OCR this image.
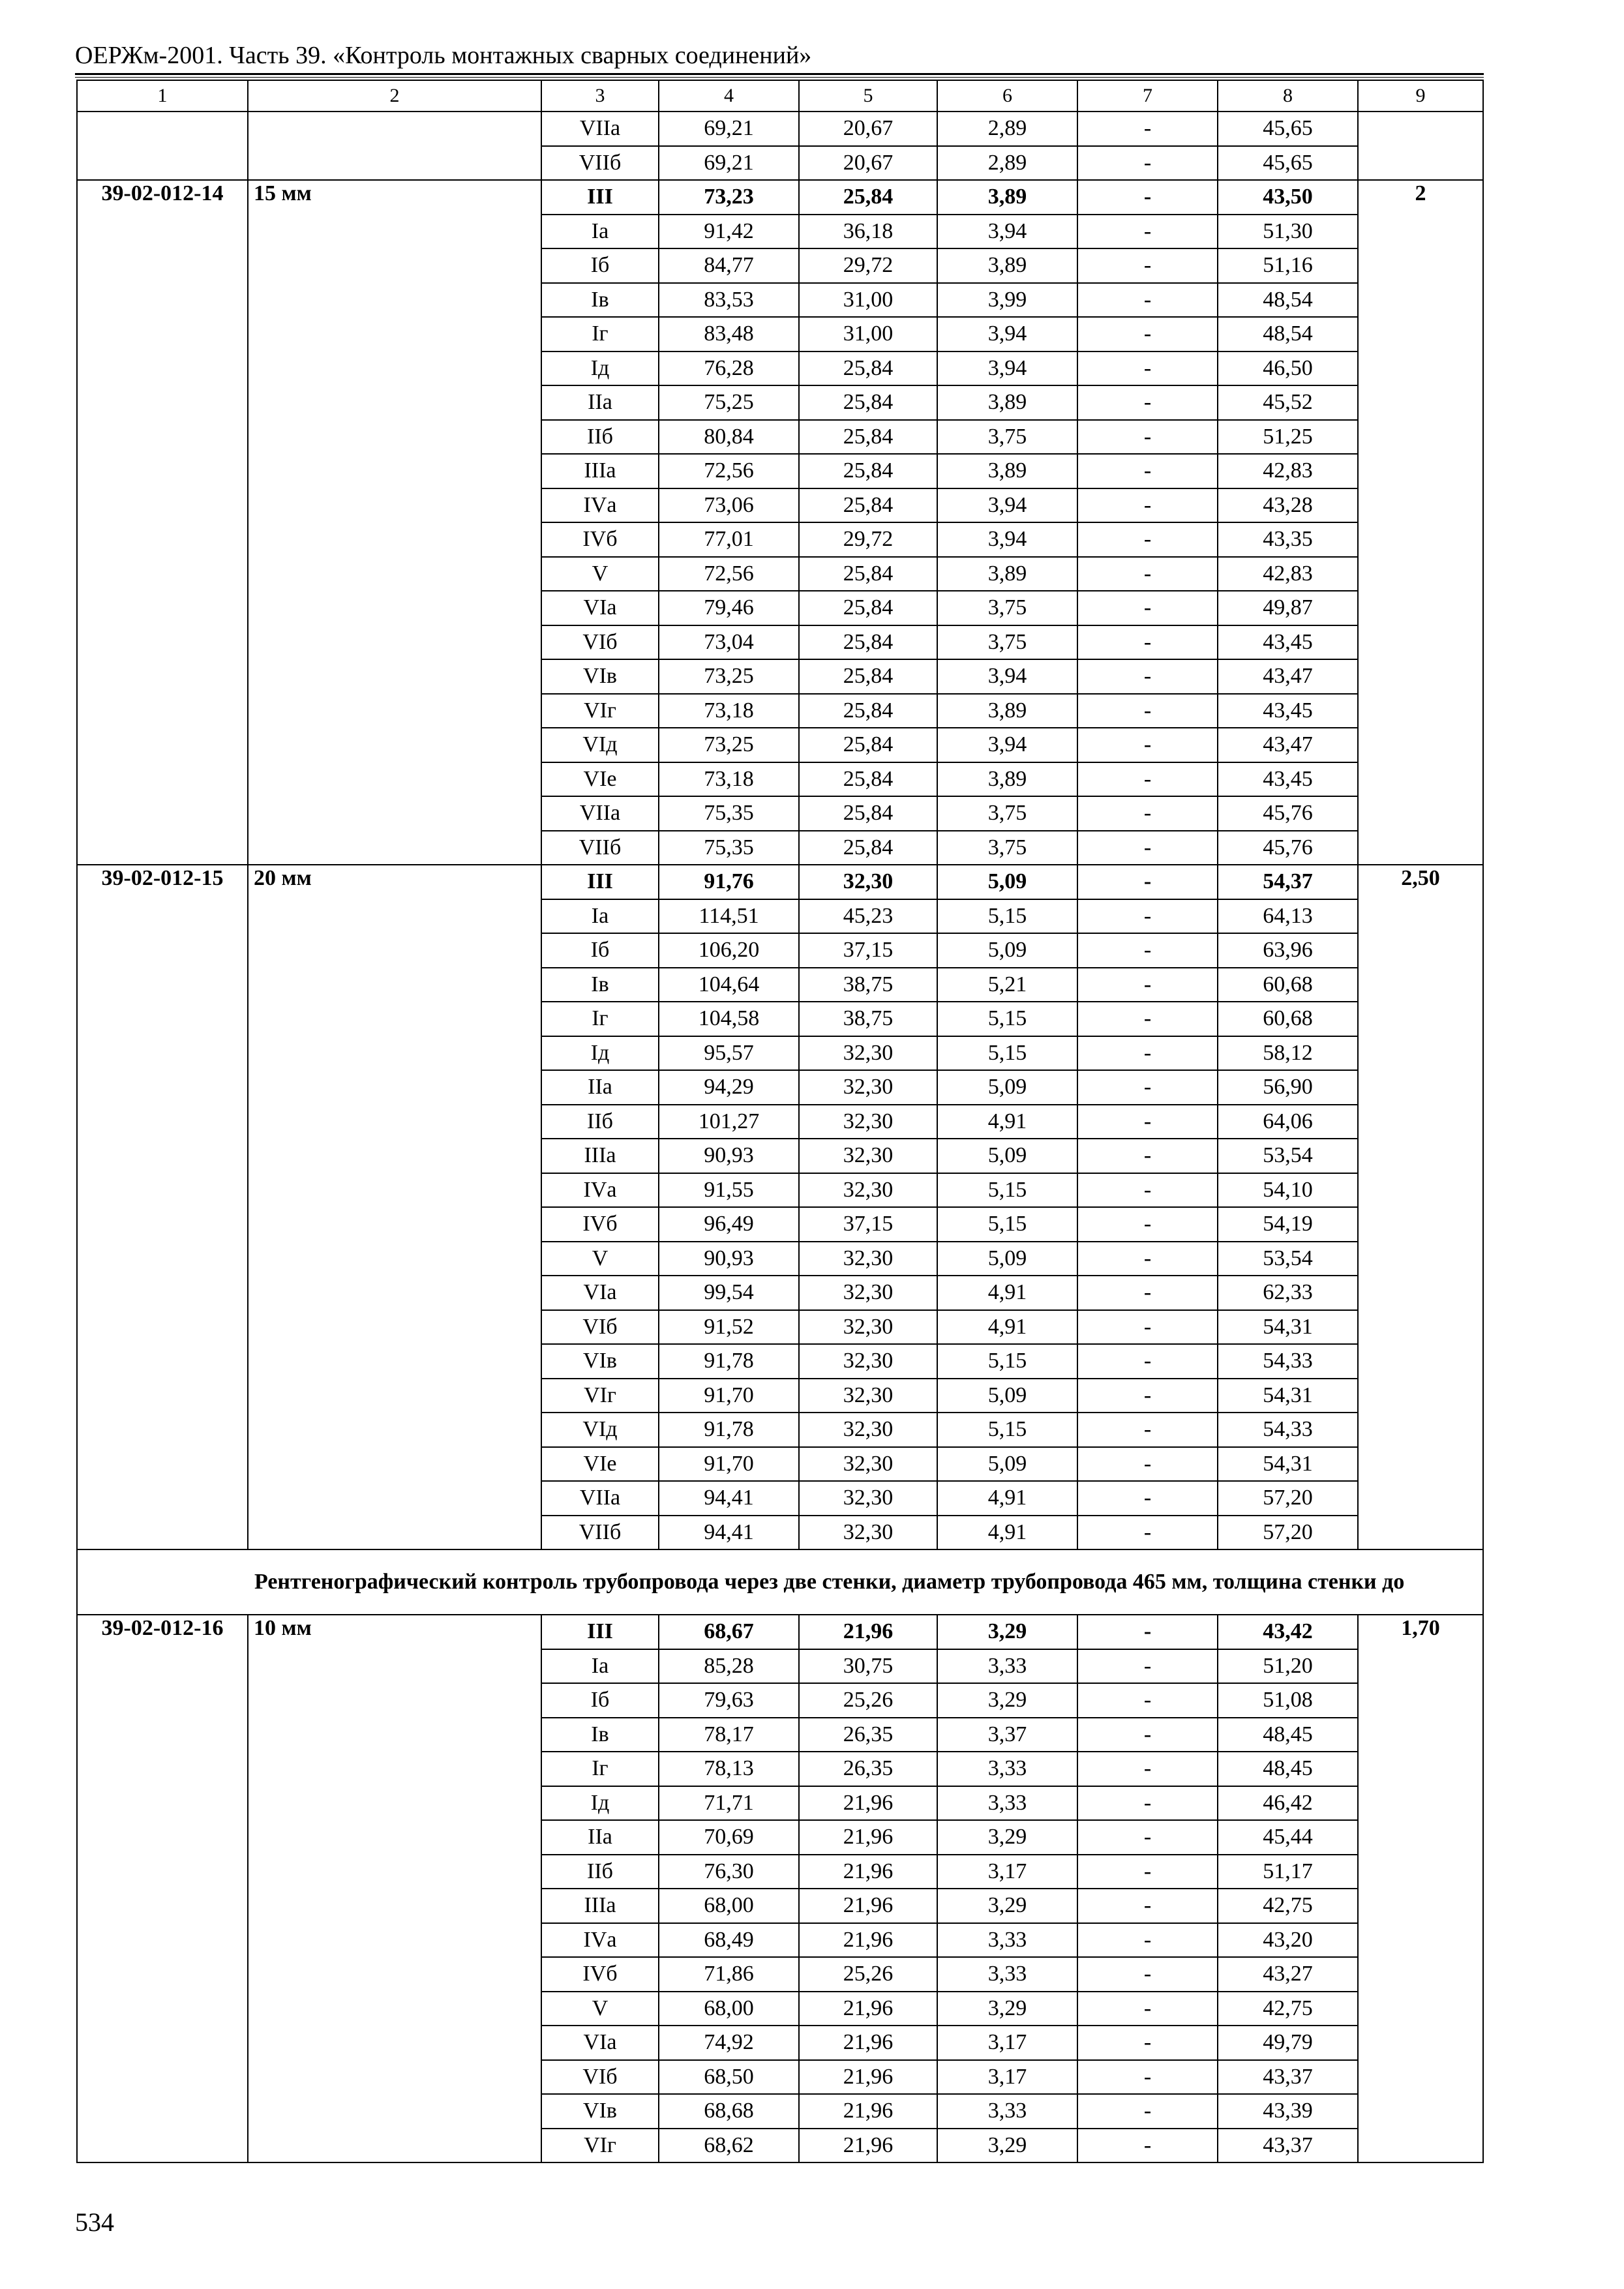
ОЕРЖм-2001. Часть 39. «Контроль монтажных сварных соединений»
1	2	3	4	5	6	7	8	9
		VIIа	69,21	20,67	2,89	-	45,65	
		VIIб	69,21	20,67	2,89	-	45,65	
39-02-012-14	15 мм	III	73,23	25,84	3,89	-	43,50	2
		Iа	91,42	36,18	3,94	-	51,30	
		Iб	84,77	29,72	3,89	-	51,16	
		Iв	83,53	31,00	3,99	-	48,54	
		Iг	83,48	31,00	3,94	-	48,54	
		Iд	76,28	25,84	3,94	-	46,50	
		IIа	75,25	25,84	3,89	-	45,52	
		IIб	80,84	25,84	3,75	-	51,25	
		IIIа	72,56	25,84	3,89	-	42,83	
		IVа	73,06	25,84	3,94	-	43,28	
		IVб	77,01	29,72	3,94	-	43,35	
		V	72,56	25,84	3,89	-	42,83	
		VIа	79,46	25,84	3,75	-	49,87	
		VIб	73,04	25,84	3,75	-	43,45	
		VIв	73,25	25,84	3,94	-	43,47	
		VIг	73,18	25,84	3,89	-	43,45	
		VIд	73,25	25,84	3,94	-	43,47	
		VIе	73,18	25,84	3,89	-	43,45	
		VIIа	75,35	25,84	3,75	-	45,76	
		VIIб	75,35	25,84	3,75	-	45,76	
39-02-012-15	20 мм	III	91,76	32,30	5,09	-	54,37	2,50
		Iа	114,51	45,23	5,15	-	64,13	
		Iб	106,20	37,15	5,09	-	63,96	
		Iв	104,64	38,75	5,21	-	60,68	
		Iг	104,58	38,75	5,15	-	60,68	
		Iд	95,57	32,30	5,15	-	58,12	
		IIа	94,29	32,30	5,09	-	56,90	
		IIб	101,27	32,30	4,91	-	64,06	
		IIIа	90,93	32,30	5,09	-	53,54	
		IVа	91,55	32,30	5,15	-	54,10	
		IVб	96,49	37,15	5,15	-	54,19	
		V	90,93	32,30	5,09	-	53,54	
		VIа	99,54	32,30	4,91	-	62,33	
		VIб	91,52	32,30	4,91	-	54,31	
		VIв	91,78	32,30	5,15	-	54,33	
		VIг	91,70	32,30	5,09	-	54,31	
		VIд	91,78	32,30	5,15	-	54,33	
		VIе	91,70	32,30	5,09	-	54,31	
		VIIа	94,41	32,30	4,91	-	57,20	
		VIIб	94,41	32,30	4,91	-	57,20	
	Рентгенографический контроль трубопровода через две стенки, диаметр трубопровода 465 мм, толщина стенки до							
39-02-012-16	10 мм	III	68,67	21,96	3,29	-	43,42	1,70
		Iа	85,28	30,75	3,33	-	51,20	
		Iб	79,63	25,26	3,29	-	51,08	
		Iв	78,17	26,35	3,37	-	48,45	
		Iг	78,13	26,35	3,33	-	48,45	
		Iд	71,71	21,96	3,33	-	46,42	
		IIа	70,69	21,96	3,29	-	45,44	
		IIб	76,30	21,96	3,17	-	51,17	
		IIIа	68,00	21,96	3,29	-	42,75	
		IVа	68,49	21,96	3,33	-	43,20	
		IVб	71,86	25,26	3,33	-	43,27	
		V	68,00	21,96	3,29	-	42,75	
		VIа	74,92	21,96	3,17	-	49,79	
		VIб	68,50	21,96	3,17	-	43,37	
		VIв	68,68	21,96	3,33	-	43,39	
		VIг	68,62	21,96	3,29	-	43,37	
534
